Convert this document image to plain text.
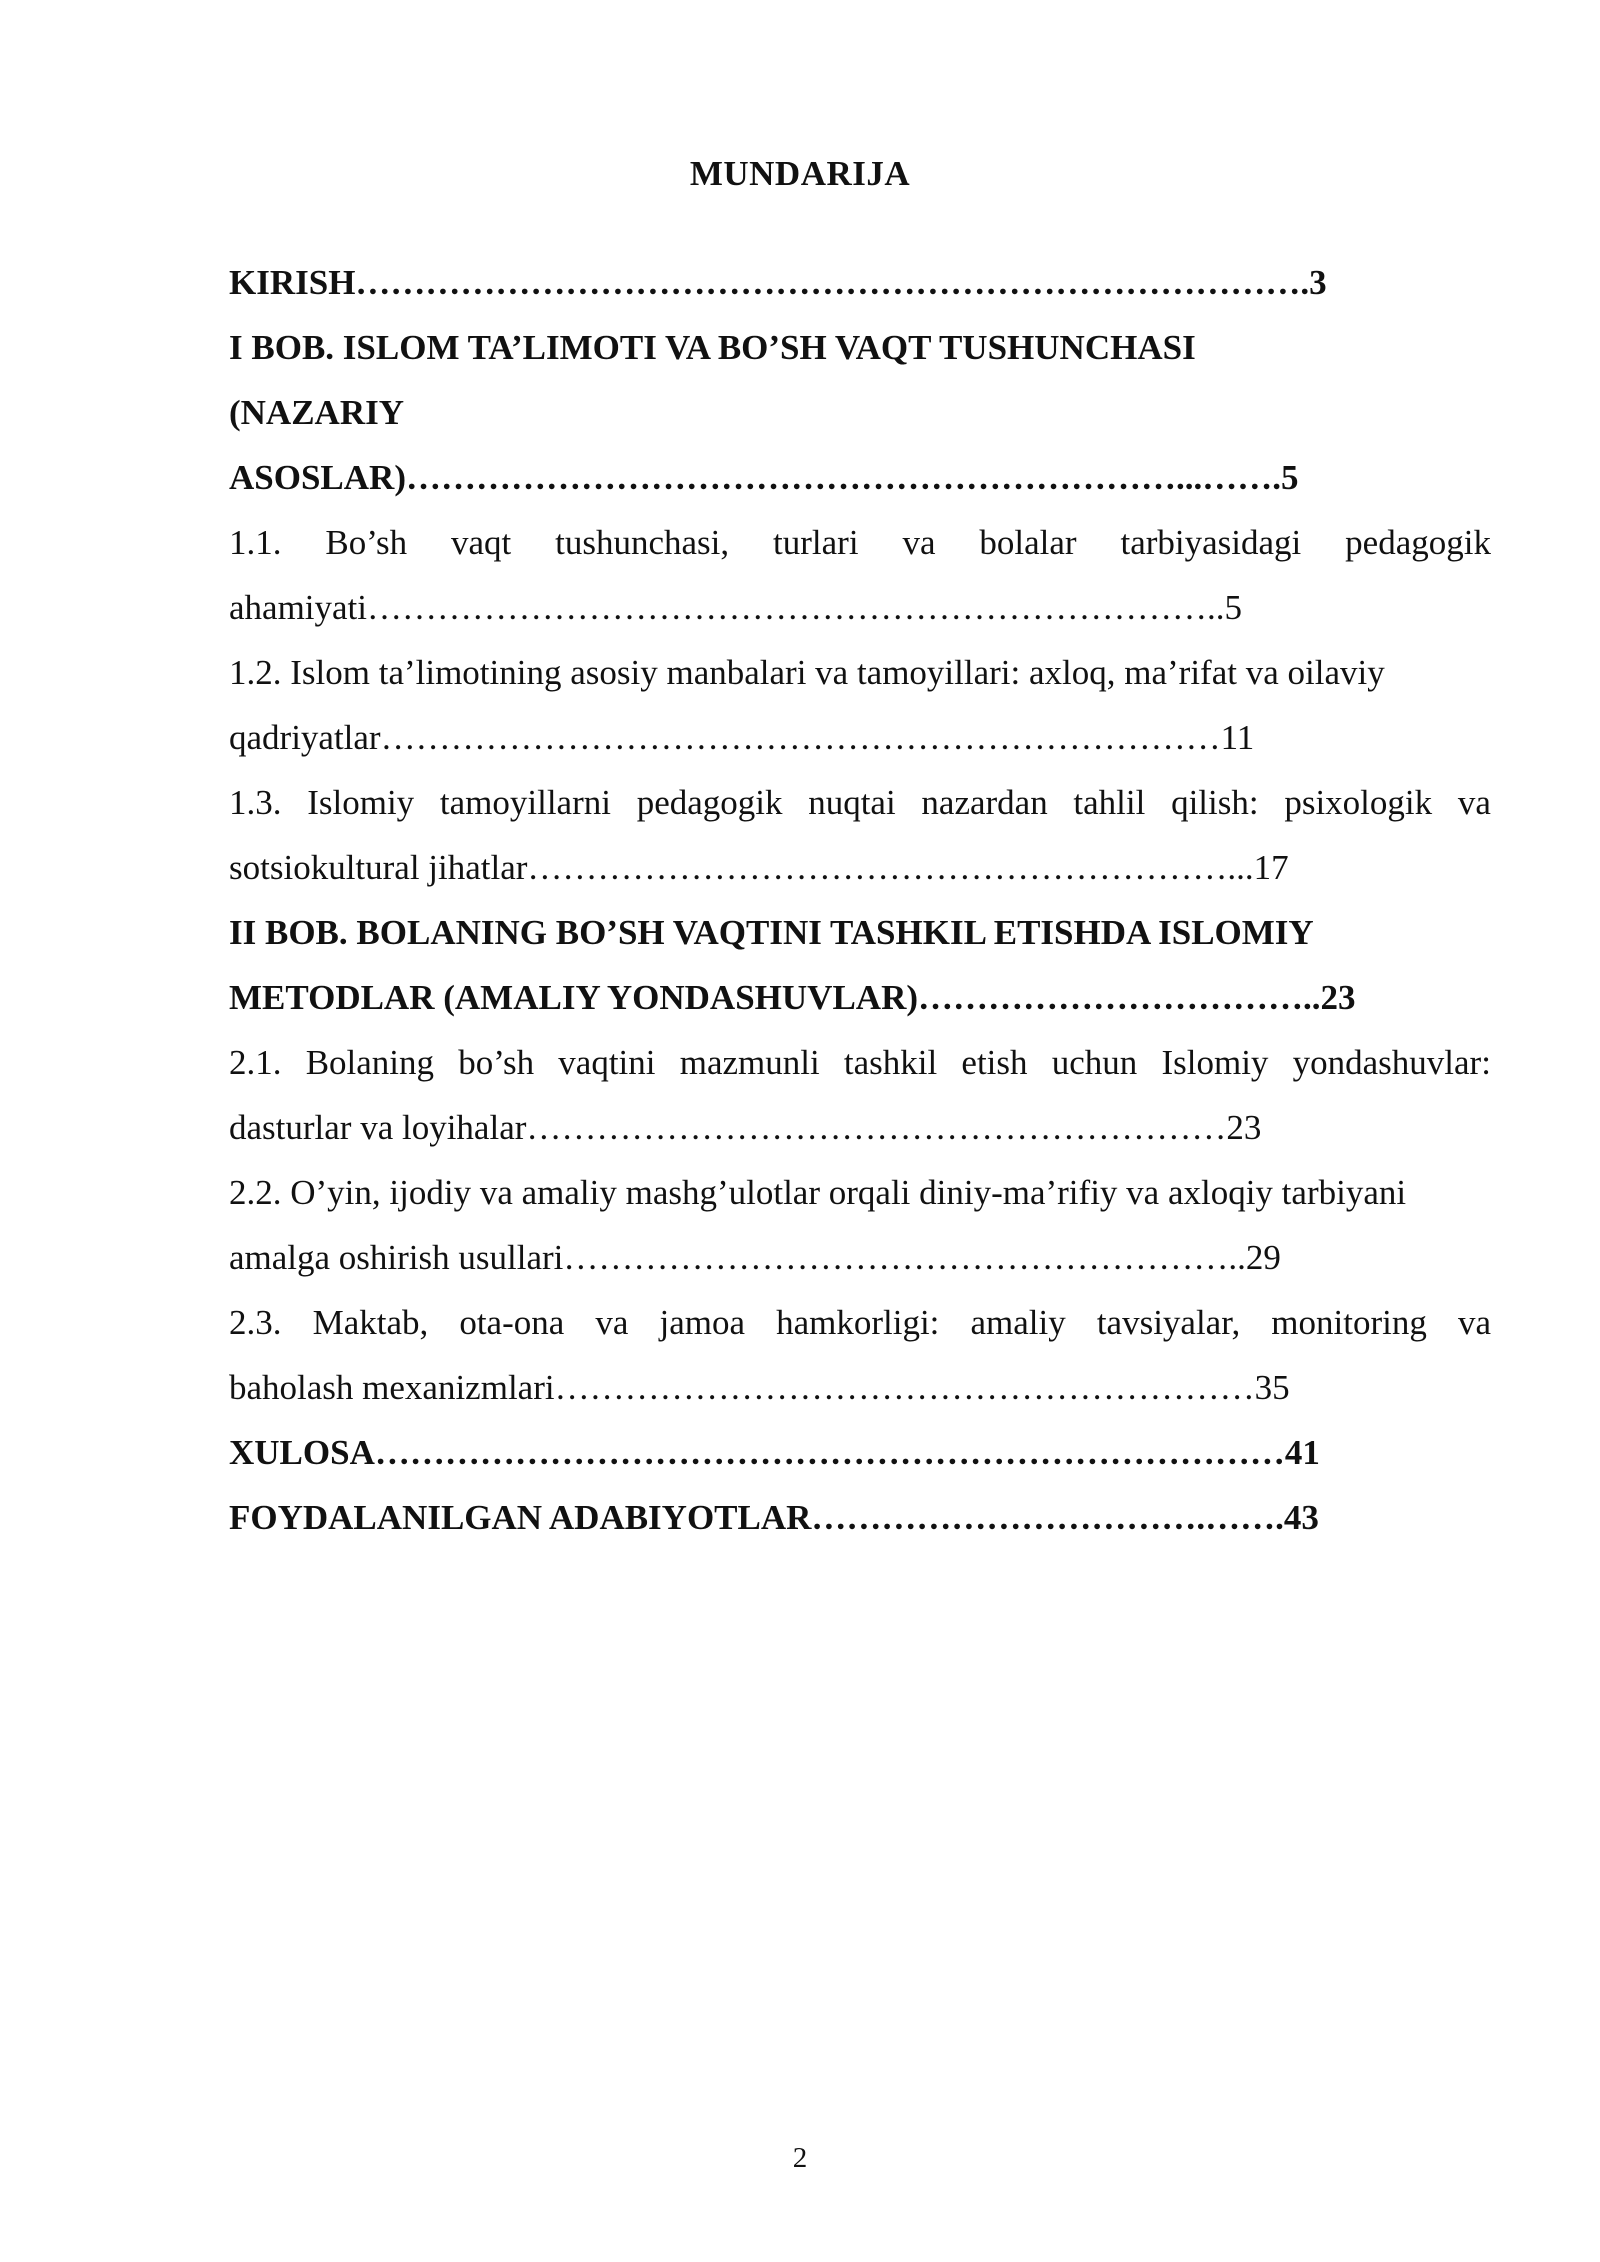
MUNDARIJA
KIRISH……………………………………………………………………….3
I BOB. ISLOM TA’LIMOTI VA BO’SH VAQT TUSHUNCHASI
(NAZARIY
ASOSLAR)…………………………………………………………...…….5
1.1. Bo’sh vaqt tushunchasi, turlari va bolalar tarbiyasidagi pedagogik
ahamiyati………………………………………………………………..5
1.2. Islom ta’limotining asosiy manbalari va tamoyillari: axloq, ma’rifat va oilaviy
qadriyatlar………………………………………………………………11
1.3. Islomiy tamoyillarni pedagogik nuqtai nazardan tahlil qilish: psixologik va
sotsiokultural jihatlar……………………………………………………...17
II BOB. BOLANING BO’SH VAQTINI TASHKIL ETISHDA ISLOMIY
METODLAR (AMALIY YONDASHUVLAR)……………………………..23
2.1. Bolaning bo’sh vaqtini mazmunli tashkil etish uchun Islomiy yondashuvlar:
dasturlar va loyihalar……………………………………………………23
2.2. O’yin, ijodiy va amaliy mashg’ulotlar orqali diniy-ma’rifiy va axloqiy tarbiyani
amalga oshirish usullari…………………………………………………..29
2.3. Maktab, ota-ona va jamoa hamkorligi: amaliy tavsiyalar, monitoring va
baholash mexanizmlari……………………………………………………35
XULOSA……………………………………………………………………41
FOYDALANILGAN ADABIYOTLAR…………………………….…….43
2
